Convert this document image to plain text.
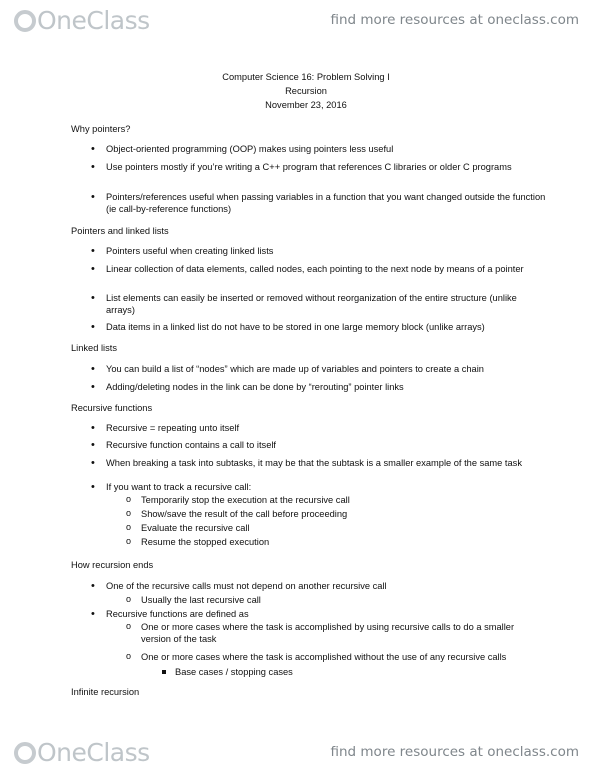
OneClass	find more resources at oneclass.com
OneClass	find more resources at oneclass.com
Computer Science 16: Problem Solving I
Recursion
November 23, 2016
Why pointers?
• Object-oriented programming (OOP) makes using pointers less useful
• Use pointers mostly if you’re writing a C++ program that references C libraries or older C programs
• Pointers/references useful when passing variables in a function that you want changed outside the function (ie call-by-reference functions)
Pointers and linked lists
• Pointers useful when creating linked lists
• Linear collection of data elements, called nodes, each pointing to the next node by means of a pointer
• List elements can easily be inserted or removed without reorganization of the entire structure (unlike arrays)
• Data items in a linked list do not have to be stored in one large memory block (unlike arrays)
Linked lists
• You can build a list of “nodes” which are made up of variables and pointers to create a chain
• Adding/deleting nodes in the link can be done by “rerouting” pointer links
Recursive functions
• Recursive = repeating unto itself
• Recursive function contains a call to itself
• When breaking a task into subtasks, it may be that the subtask is a smaller example of the same task
• If you want to track a recursive call:
o Temporarily stop the execution at the recursive call
o Show/save the result of the call before proceeding
o Evaluate the recursive call
o Resume the stopped execution
How recursion ends
• One of the recursive calls must not depend on another recursive call
o Usually the last recursive call
• Recursive functions are defined as
o One or more cases where the task is accomplished by using recursive calls to do a smaller version of the task
o One or more cases where the task is accomplished without the use of any recursive calls
Base cases / stopping cases
Infinite recursion
